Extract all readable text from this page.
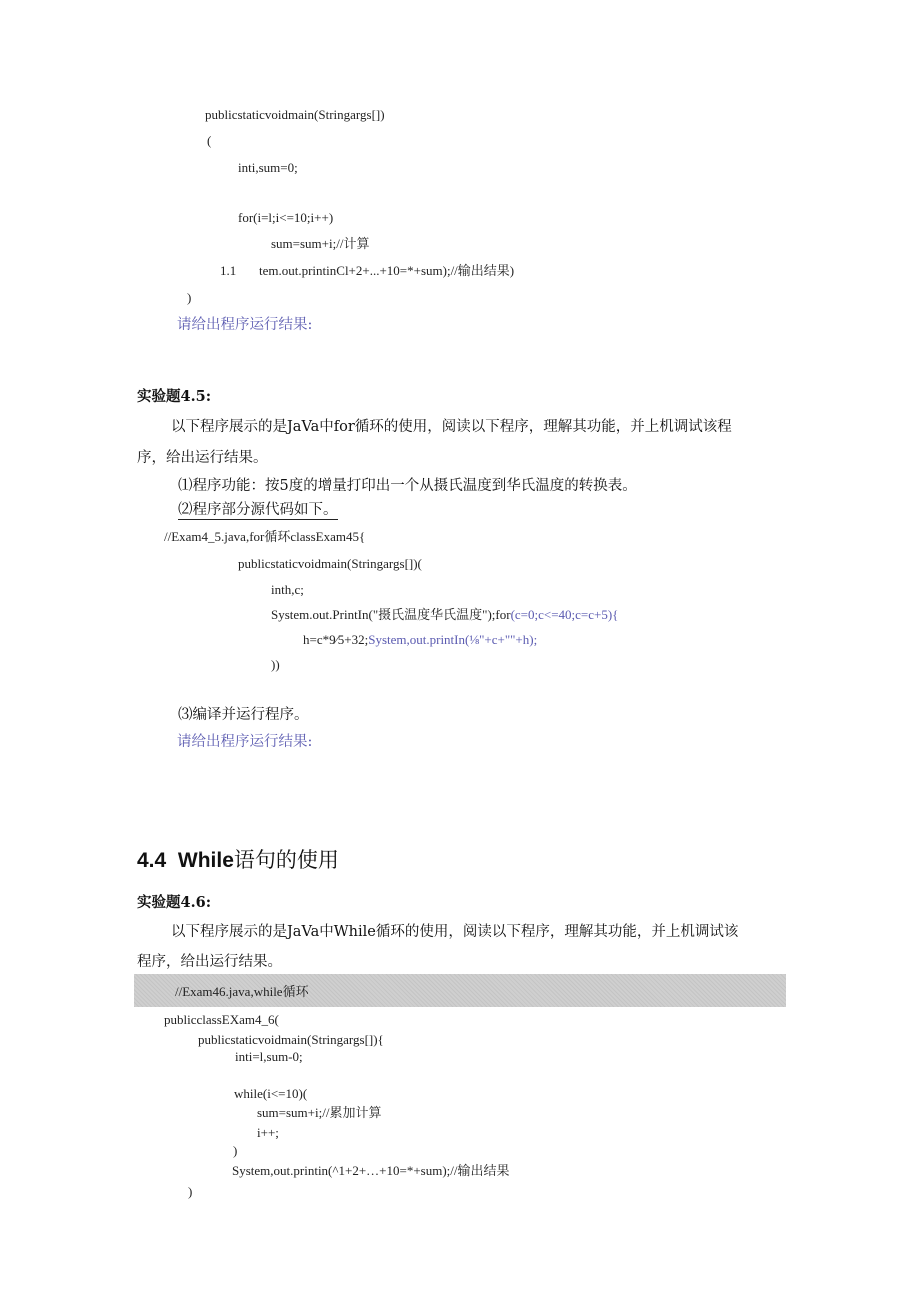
publicstaticvoidmain(Stringargs[])
(
inti,sum=0;
for(i=l;i<=10;i++)
sum=sum+i;//计算
1.1 tem.out.printinCl+2+...+10=*+sum);//输出结果)
)
请给出程序运行结果:
实验题4.5:
以下程序展示的是JaVa中for循环的使用，阅读以下程序，理解其功能，并上机调试该程
序，给出运行结果。
⑴程序功能：按5度的增量打印出一个从摄氏温度到华氏温度的转换表。
⑵程序部分源代码如下。
//Exam4_5.java,for循环classExam45{
publicstaticvoidmain(Stringargs[])(
inth,c;
System.out.PrintIn("摄氏温度华氏温度");for(c=0;c<=40;c=c+5){
h=c*9∕5+32;System,out.printIn(⅛"+c+""+h);
))
⑶编译并运行程序。
请给出程序运行结果:
4.4 While语句的使用
实验题4.6:
以下程序展示的是JaVa中While循环的使用，阅读以下程序，理解其功能，并上机调试该
程序，给出运行结果。
//Exam46.java,while循环
publicclassEXam4_6(
publicstaticvoidmain(Stringargs[]){
inti=l,sum-0;
while(i<=10)(
sum=sum+i;//累加计算
i++;
)
System,out.printin(^1+2+…+10=*+sum);//输出结果
)
